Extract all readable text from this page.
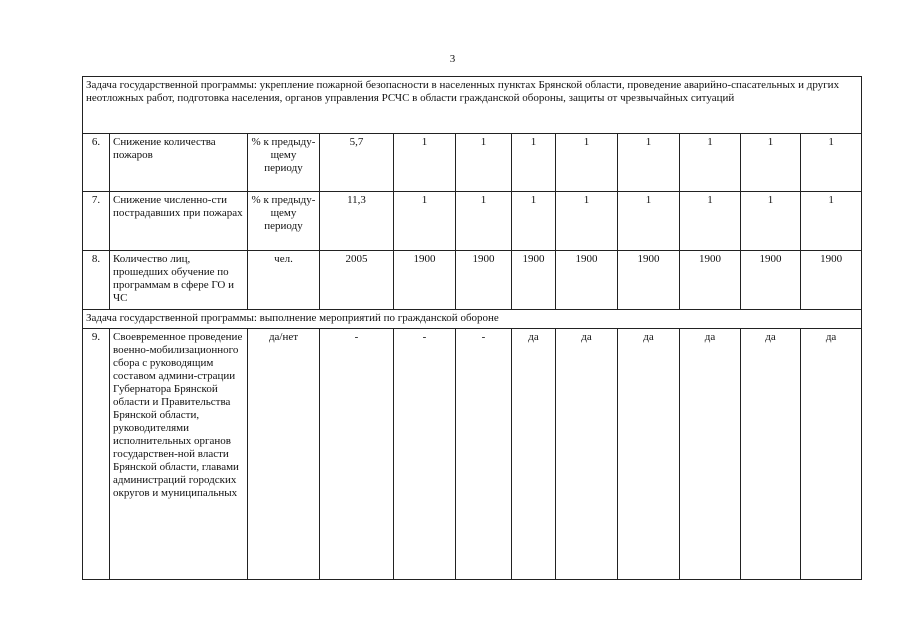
3
Задача государственной программы: укрепление пожарной безопасности в населенных пунктах Брянской области, проведение аварийно-спасательных и других неотложных работ, подготовка населения, органов управления РСЧС в области гражданской обороны, защиты от чрезвычайных ситуаций											
6.	Снижение количества пожаров	% к предыду-щему периоду	5,7	1	1	1	1	1	1	1	1
7.	Снижение численно-сти пострадавших при пожарах	% к предыду-щему периоду	11,3	1	1	1	1	1	1	1	1
8.	Количество лиц, прошедших обучение по программам в сфере ГО и ЧС	чел.	2005	1900	1900	1900	1900	1900	1900	1900	1900
Задача государственной программы: выполнение мероприятий по гражданской обороне											
9.	Своевременное проведение военно-мобилизационного сбора с руководящим составом админи-страции Губернатора Брянской области и Правительства Брянской области, руководителями исполнительных органов государствен-ной власти Брянской области, главами администраций городских округов и муниципальных	да/нет	-	-	-	да	да	да	да	да	да
